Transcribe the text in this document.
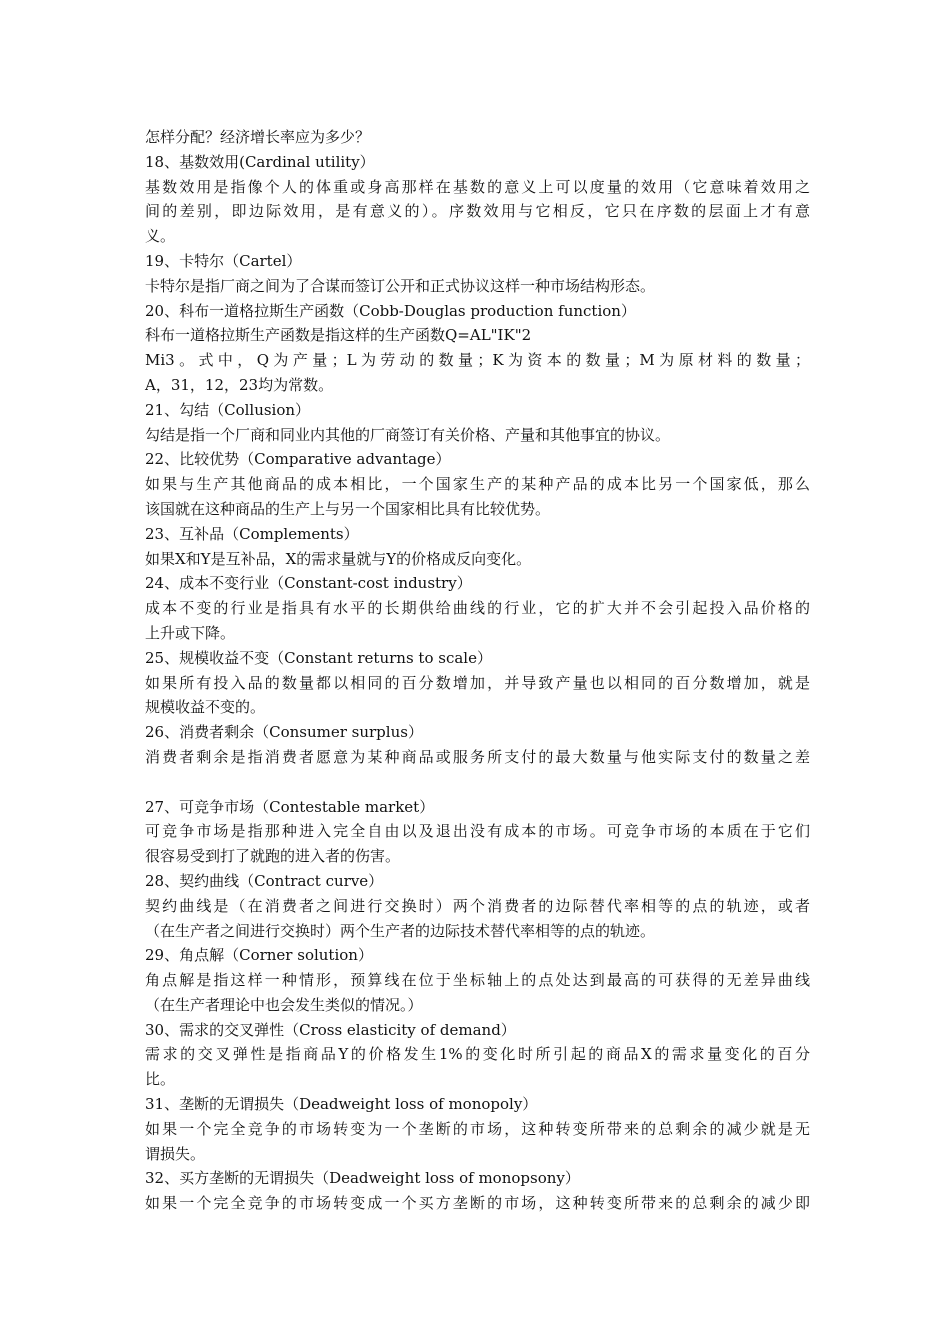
怎样分配？经济增长率应为多少？
18、基数效用(Cardinal utility）
基数效用是指像个人的体重或身高那样在基数的意义上可以度量的效用（它意味着效用之
间的差别，即边际效用，是有意义的）。序数效用与它相反，它只在序数的层面上才有意
义。
19、卡特尔（Cartel）
卡特尔是指厂商之间为了合谋而签订公开和正式协议这样一种市场结构形态。
20、科布一道格拉斯生产函数（Cobb-Douglas production function）
科布一道格拉斯生产函数是指这样的生产函数Q=AL"IK"2
Mi3。式中，Q为产量；L为劳动的数量；K为资本的数量；M为原材料的数量；
A，31，12，23均为常数。
21、勾结（Collusion）
勾结是指一个厂商和同业内其他的厂商签订有关价格、产量和其他事宜的协议。
22、比较优势（Comparative advantage）
如果与生产其他商品的成本相比，一个国家生产的某种产品的成本比另一个国家低，那么
该国就在这种商品的生产上与另一个国家相比具有比较优势。
23、互补品（Complements）
如果X和Y是互补品，X的需求量就与Y的价格成反向变化。
24、成本不变行业（Constant-cost industry）
成本不变的行业是指具有水平的长期供给曲线的行业，它的扩大并不会引起投入品价格的
上升或下降。
25、规模收益不变（Constant returns to scale）
如果所有投入品的数量都以相同的百分数增加，并导致产量也以相同的百分数增加，就是
规模收益不变的。
26、消费者剩余（Consumer surplus）
消费者剩余是指消费者愿意为某种商品或服务所支付的最大数量与他实际支付的数量之差
27、可竞争市场（Contestable market）
可竞争市场是指那种进入完全自由以及退出没有成本的市场。可竞争市场的本质在于它们
很容易受到打了就跑的进入者的伤害。
28、契约曲线（Contract curve）
契约曲线是（在消费者之间进行交换时）两个消费者的边际替代率相等的点的轨迹，或者
（在生产者之间进行交换时）两个生产者的边际技术替代率相等的点的轨迹。
29、角点解（Corner solution）
角点解是指这样一种情形，预算线在位于坐标轴上的点处达到最高的可获得的无差异曲线
（在生产者理论中也会发生类似的情况。）
30、需求的交叉弹性（Cross elasticity of demand）
需求的交叉弹性是指商品Y的价格发生1%的变化时所引起的商品X的需求量变化的百分
比。
31、垄断的无谓损失（Deadweight loss of monopoly）
如果一个完全竞争的市场转变为一个垄断的市场，这种转变所带来的总剩余的减少就是无
谓损失。
32、买方垄断的无谓损失（Deadweight loss of monopsony）
如果一个完全竞争的市场转变成一个买方垄断的市场，这种转变所带来的总剩余的减少即
